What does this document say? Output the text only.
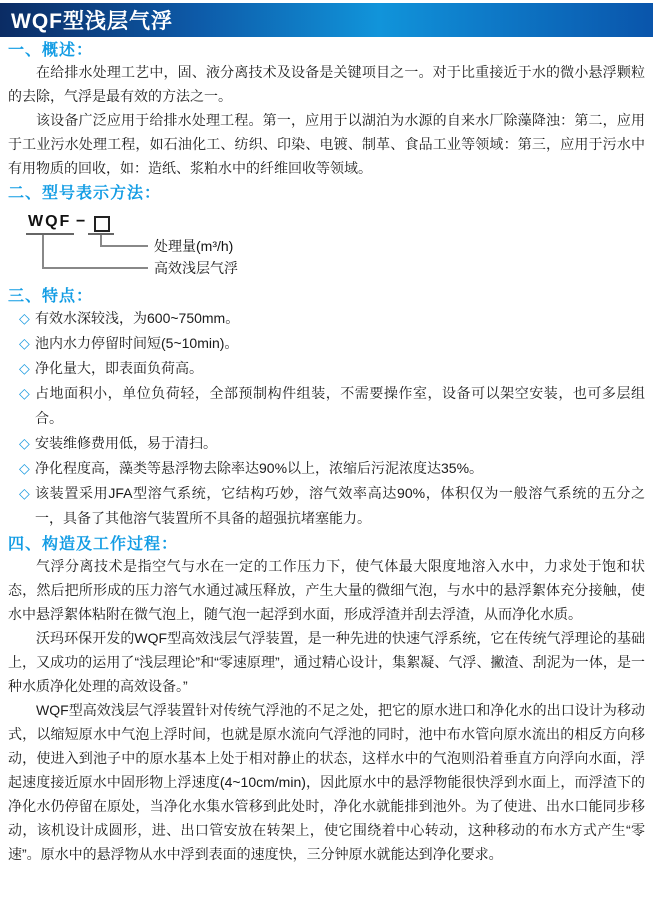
WQF型浅层气浮
一、概述：

在给排水处理工艺中，固、液分离技术及设备是关键项目之一。对于比重接近于水的微小悬浮颗粒的去除，气浮是最有效的方法之一。

该设备广泛应用于给排水处理工程。第一，应用于以湖泊为水源的自来水厂除藻降浊：第二，应用于工业污水处理工程，如石油化工、纺织、印染、电镀、制革、食品工业等领域：第三，应用于污水中有用物质的回收，如：造纸、浆粕水中的纤维回收等领域。

二、型号表示方法：
WQF −
处理量(m³/h)
高效浅层气浮
三、特点：
◇ 有效水深较浅，为600~750mm。
◇ 池内水力停留时间短(5~10min)。
◇ 净化量大，即表面负荷高。
◇ 占地面积小，单位负荷轻，全部预制构件组装，不需要操作室，设备可以架空安装，也可多层组合。
◇ 安装维修费用低，易于清扫。
◇ 净化程度高，藻类等悬浮物去除率达90%以上，浓缩后污泥浓度达35%。
◇ 该装置采用JFA型溶气系统，它结构巧妙，溶气效率高达90%，体积仅为一般溶气系统的五分之一，具备了其他溶气装置所不具备的超强抗堵塞能力。
四、构造及工作过程：

气浮分离技术是指空气与水在一定的工作压力下，使气体最大限度地溶入水中，力求处于饱和状态，然后把所形成的压力溶气水通过减压释放，产生大量的微细气泡，与水中的悬浮絮体充分接触，使水中悬浮絮体粘附在微气泡上，随气泡一起浮到水面，形成浮渣并刮去浮渣，从而净化水质。

沃玛环保开发的WQF型高效浅层气浮装置，是一种先进的快速气浮系统，它在传统气浮理论的基础上，又成功的运用了“浅层理论”和“零速原理”，通过精心设计，集絮凝、气浮、撇渣、刮泥为一体，是一种水质净化处理的高效设备。”

WQF型高效浅层气浮装置针对传统气浮池的不足之处，把它的原水进口和净化水的出口设计为移动式，以缩短原水中气泡上浮时间，也就是原水流向气浮池的同时，池中布水管向原水流出的相反方向移动，使进入到池子中的原水基本上处于相对静止的状态，这样水中的气泡则沿着垂直方向浮向水面，浮起速度接近原水中固形物上浮速度(4~10cm/min)，因此原水中的悬浮物能很快浮到水面上，而浮渣下的净化水仍停留在原处，当净化水集水管移到此处时，净化水就能排到池外。为了使进、出水口能同步移动，该机设计成圆形，进、出口管安放在转架上，使它围绕着中心转动，这种移动的布水方式产生“零速”。原水中的悬浮物从水中浮到表面的速度快，三分钟原水就能达到净化要求。
